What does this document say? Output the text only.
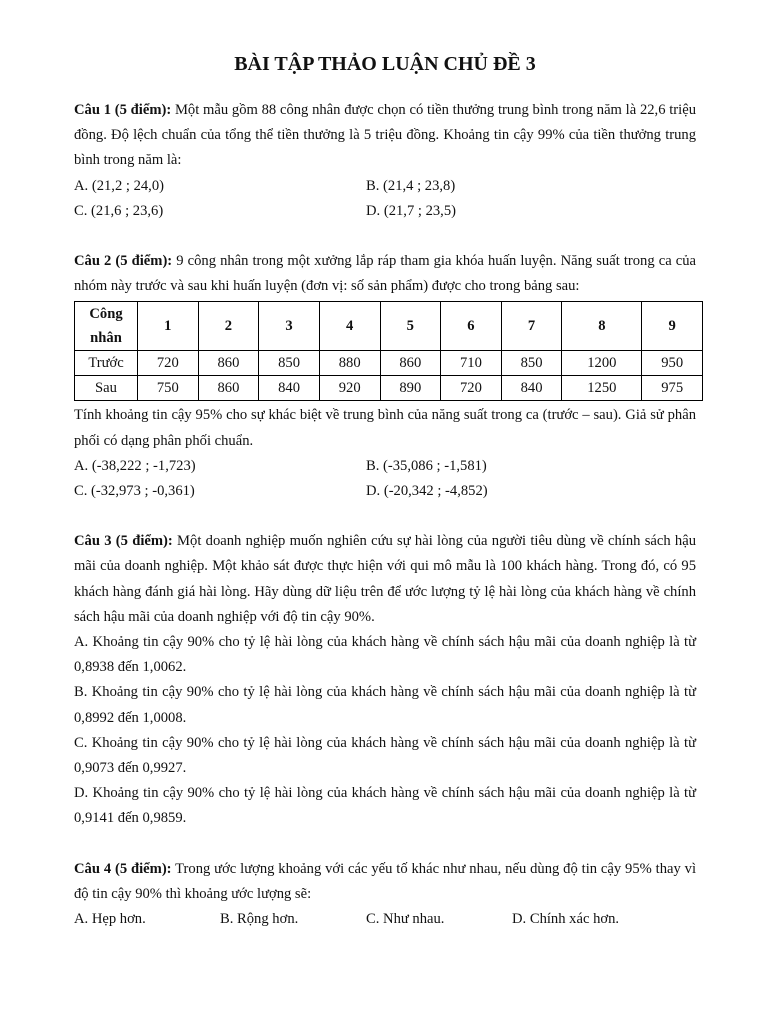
BÀI TẬP THẢO LUẬN CHỦ ĐỀ 3

Câu 1 (5 điểm): Một mẫu gồm 88 công nhân được chọn có tiền thưởng trung bình trong năm là 22,6 triệu đồng. Độ lệch chuẩn của tổng thể tiền thưởng là 5 triệu đồng. Khoảng tin cậy 99% của tiền thưởng trung bình trong năm là:

A. (21,2 ; 24,0)	B. (21,4 ; 23,8)
C. (21,6 ; 23,6)	D. (21,7 ; 23,5)

Câu 2 (5 điểm): 9 công nhân trong một xưởng lắp ráp tham gia khóa huấn luyện. Năng suất trong ca của nhóm này trước và sau khi huấn luyện (đơn vị: số sản phẩm) được cho trong bảng sau:

Công nhân	1	2	3	4	5	6	7	8	9
Trước	720	860	850	880	860	710	850	1200	950
Sau	750	860	840	920	890	720	840	1250	975

Tính khoảng tin cậy 95% cho sự khác biệt về trung bình của năng suất trong ca (trước – sau). Giả sử phân phối có dạng phân phối chuẩn.

A. (-38,222 ; -1,723)	B. (-35,086 ; -1,581)
C. (-32,973 ; -0,361)	D. (-20,342 ; -4,852)

Câu 3 (5 điểm): Một doanh nghiệp muốn nghiên cứu sự hài lòng của người tiêu dùng về chính sách hậu mãi của doanh nghiệp. Một khảo sát được thực hiện với qui mô mẫu là 100 khách hàng. Trong đó, có 95 khách hàng đánh giá hài lòng. Hãy dùng dữ liệu trên để ước lượng tỷ lệ hài lòng của khách hàng về chính sách hậu mãi của doanh nghiệp với độ tin cậy 90%.

A. Khoảng tin cậy 90% cho tỷ lệ hài lòng của khách hàng về chính sách hậu mãi của doanh nghiệp là từ 0,8938 đến 1,0062.

B. Khoảng tin cậy 90% cho tỷ lệ hài lòng của khách hàng về chính sách hậu mãi của doanh nghiệp là từ 0,8992 đến 1,0008.

C. Khoảng tin cậy 90% cho tỷ lệ hài lòng của khách hàng về chính sách hậu mãi của doanh nghiệp là từ 0,9073 đến 0,9927.

D. Khoảng tin cậy 90% cho tỷ lệ hài lòng của khách hàng về chính sách hậu mãi của doanh nghiệp là từ 0,9141 đến 0,9859.

Câu 4 (5 điểm): Trong ước lượng khoảng với các yếu tố khác như nhau, nếu dùng độ tin cậy 95% thay vì độ tin cậy 90% thì khoảng ước lượng sẽ:

A. Hẹp hơn.	B. Rộng hơn.	C. Như nhau.	D. Chính xác hơn.
